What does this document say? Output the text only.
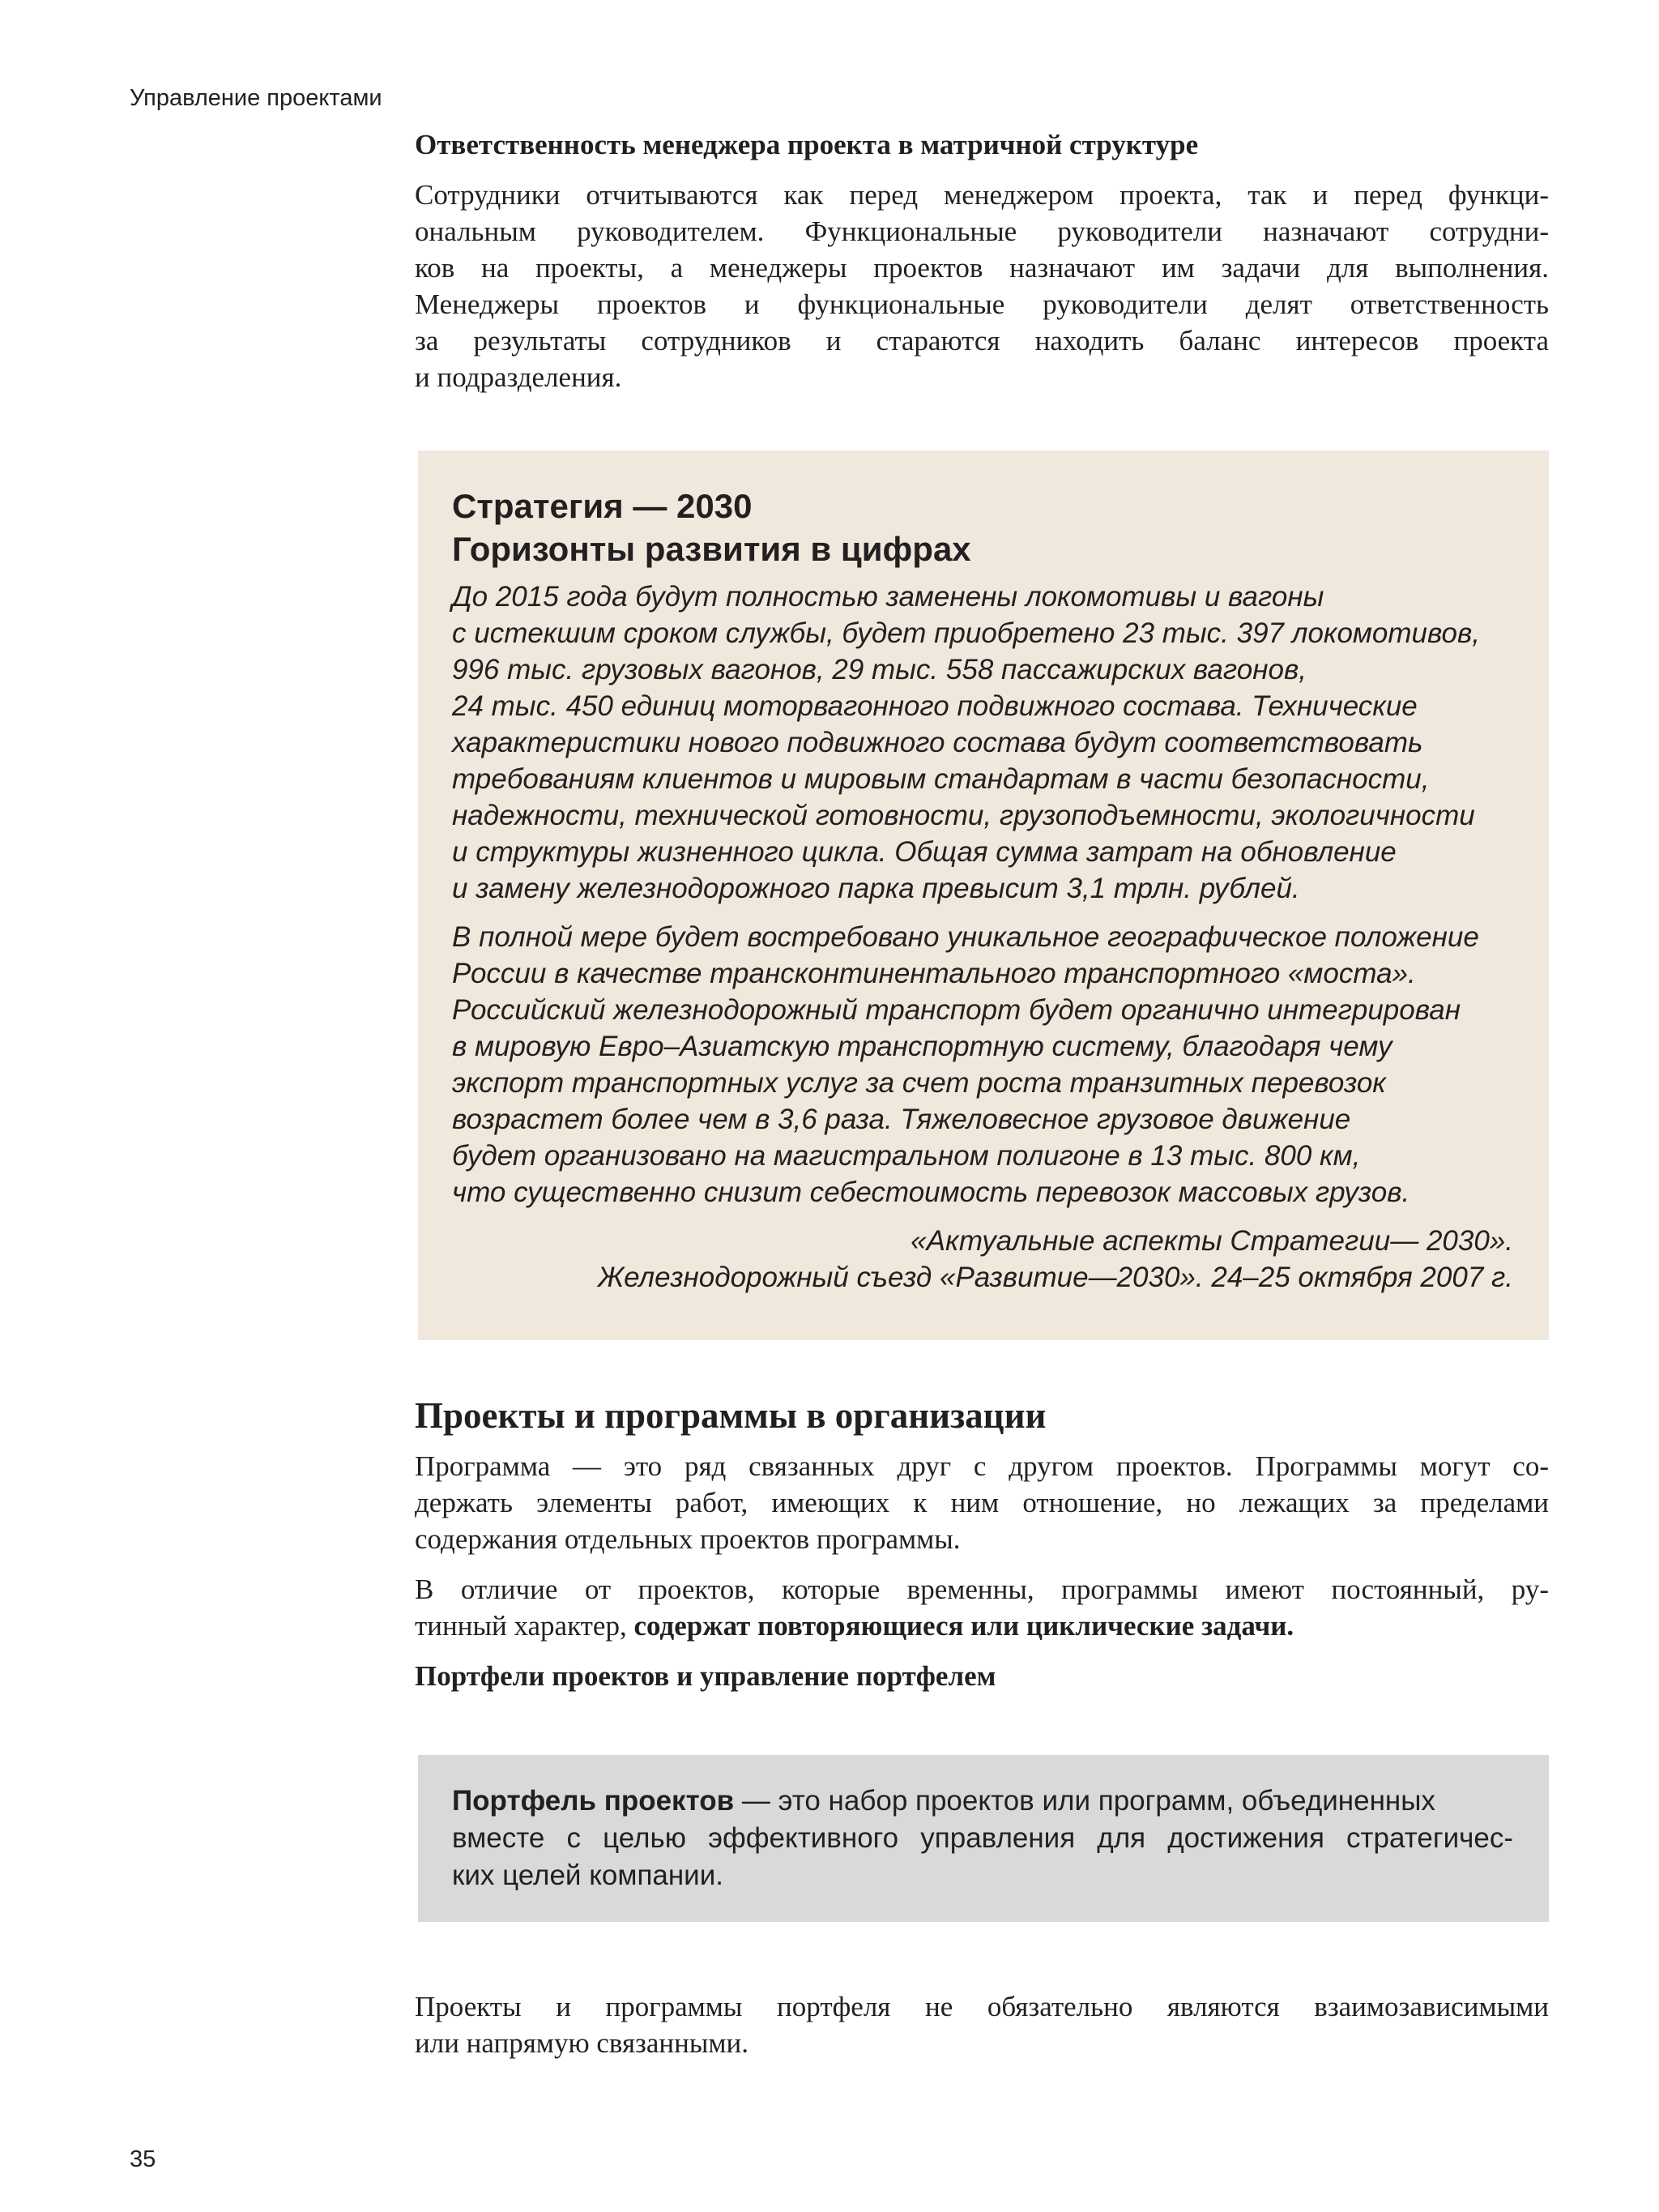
Управление проектами

Ответственность менеджера проекта в матричной структуре

Сотрудники отчитываются как перед менеджером проекта, так и перед функци-
ональным руководителем. Функциональные руководители назначают сотрудни-
ков на проекты, а менеджеры проектов назначают им задачи для выполнения.
Менеджеры проектов и функциональные руководители делят ответственность
за результаты сотрудников и стараются находить баланс интересов проекта
и подразделения.

Стратегия — 2030
Горизонты развития в цифрах

До 2015 года будут полностью заменены локомотивы и вагоны
с истекшим сроком службы, будет приобретено 23 тыс. 397 локомотивов,
996 тыс. грузовых вагонов, 29 тыс. 558 пассажирских вагонов,
24 тыс. 450 единиц моторвагонного подвижного состава. Технические
характеристики нового подвижного состава будут соответствовать
требованиям клиентов и мировым стандартам в части безопасности,
надежности, технической готовности, грузоподъемности, экологичности
и структуры жизненного цикла. Общая сумма затрат на обновление
и замену железнодорожного парка превысит 3,1 трлн. рублей.

В полной мере будет востребовано уникальное географическое положение
России в качестве трансконтинентального транспортного «моста».
Российский железнодорожный транспорт будет органично интегрирован
в мировую Евро–Азиатскую транспортную систему, благодаря чему
экспорт транспортных услуг за счет роста транзитных перевозок
возрастет более чем в 3,6 раза. Тяжеловесное грузовое движение
будет организовано на магистральном полигоне в 13 тыс. 800 км,
что существенно снизит себестоимость перевозок массовых грузов.

«Актуальные аспекты Стратегии— 2030».
Железнодорожный съезд «Развитие—2030». 24–25 октября 2007 г.

Проекты и программы в организации

Программа — это ряд связанных друг с другом проектов. Программы могут со-
держать элементы работ, имеющих к ним отношение, но лежащих за пределами
содержания отдельных проектов программы.

В отличие от проектов, которые временны, программы имеют постоянный, ру-
тинный характер, содержат повторяющиеся или циклические задачи.

Портфели проектов и управление портфелем

Портфель проектов — это набор проектов или программ, объединенных
вместе с целью эффективного управления для достижения стратегичес-
ких целей компании.

Проекты и программы портфеля не обязательно являются взаимозависимыми
или напрямую связанными.

35
